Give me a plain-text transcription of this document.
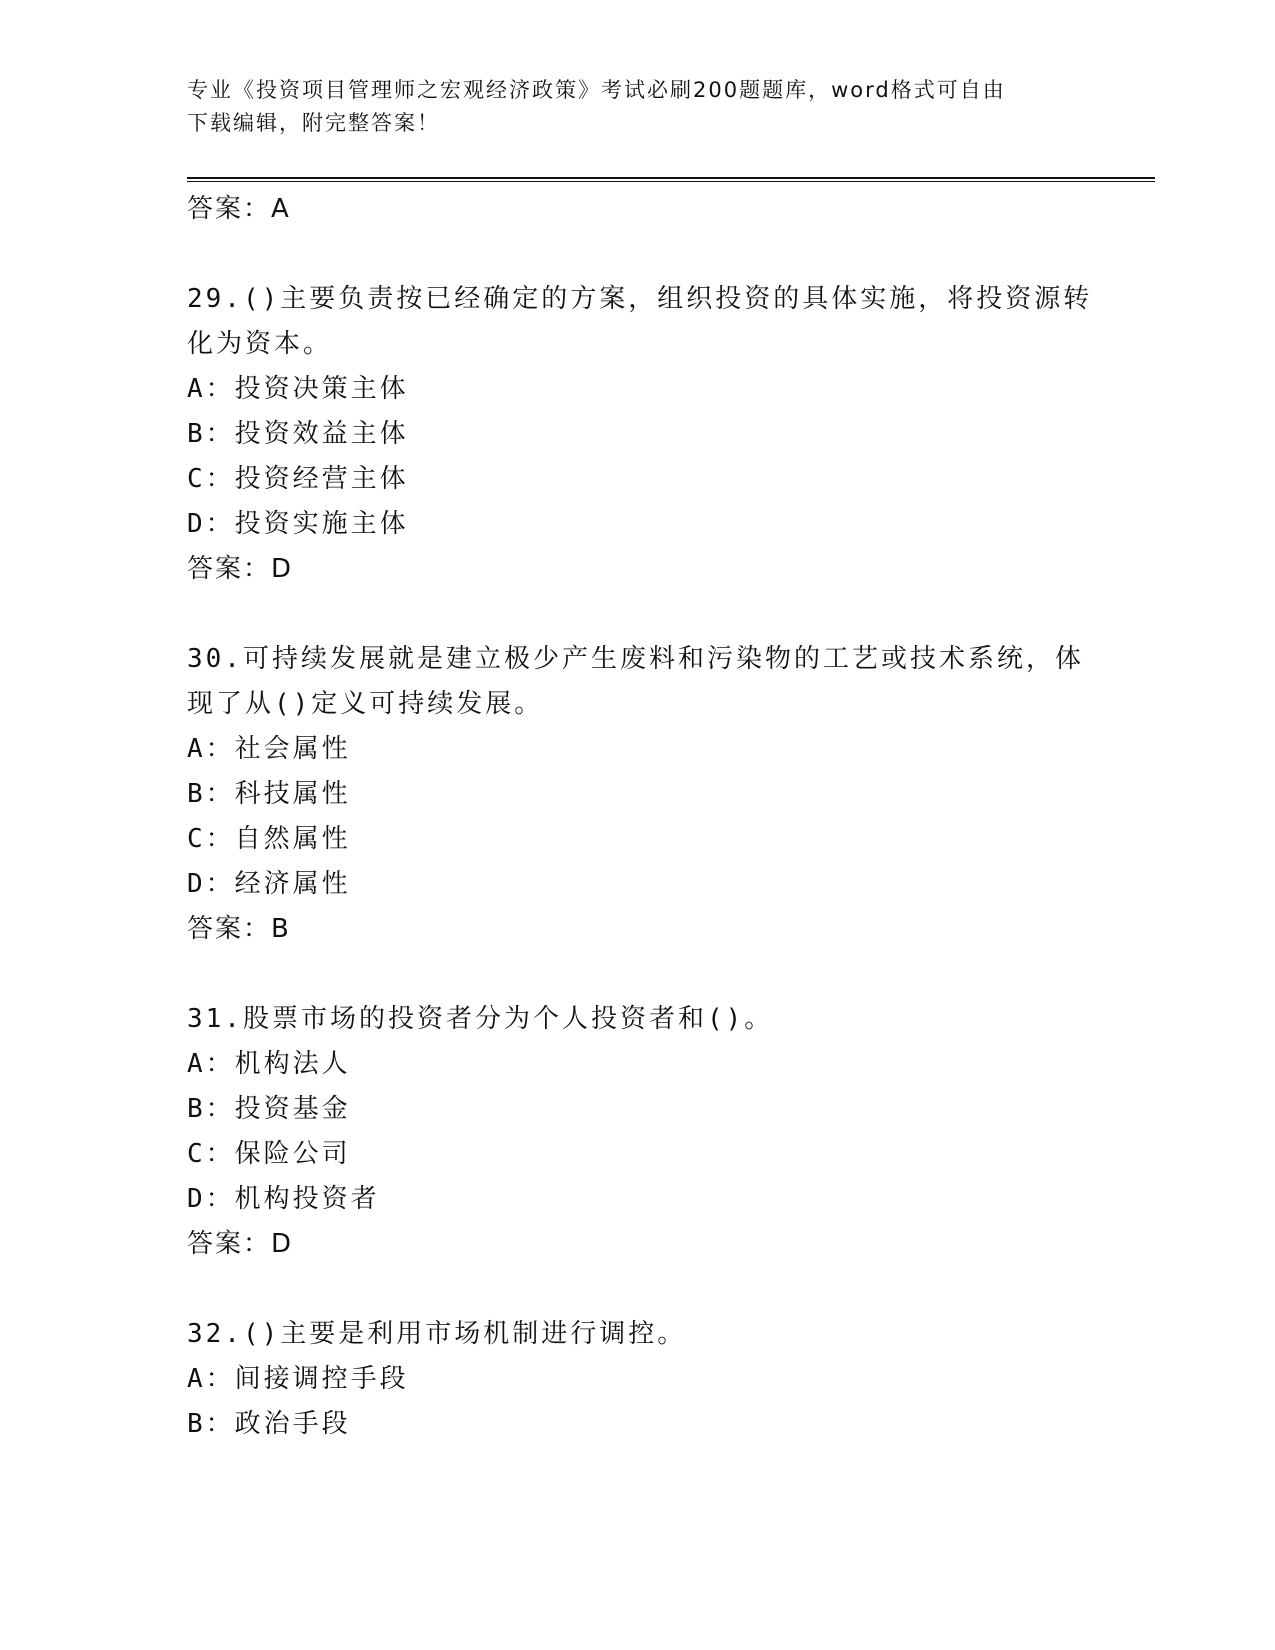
专业《投资项目管理师之宏观经济政策》考试必刷200题题库，word格式可自由
下载编辑，附完整答案！
答案：A
29.()主要负责按已经确定的方案，组织投资的具体实施，将投资源转
化为资本。
A：投资决策主体
B：投资效益主体
C：投资经营主体
D：投资实施主体
答案：D
30.可持续发展就是建立极少产生废料和污染物的工艺或技术系统，体
现了从()定义可持续发展。
A：社会属性
B：科技属性
C：自然属性
D：经济属性
答案：B
31.股票市场的投资者分为个人投资者和()。
A：机构法人
B：投资基金
C：保险公司
D：机构投资者
答案：D
32.()主要是利用市场机制进行调控。
A：间接调控手段
B：政治手段
